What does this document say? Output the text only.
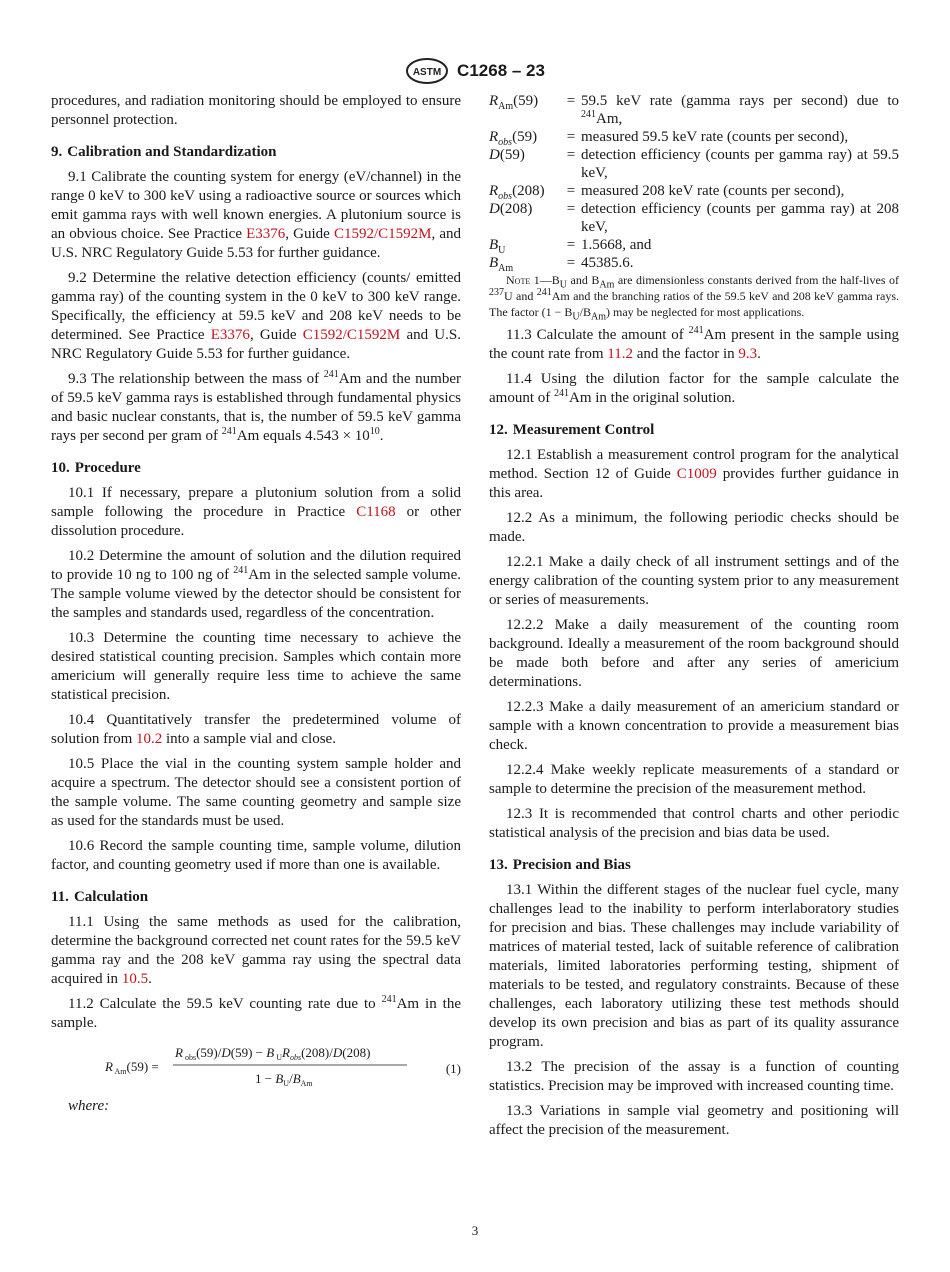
ASTM C1268 – 23

procedures, and radiation monitoring should be employed to ensure personnel protection.

9. Calibration and Standardization

9.1 Calibrate the counting system for energy (eV/channel) in the range 0 keV to 300 keV using a radioactive source or sources which emit gamma rays with well known energies. A plutonium source is an obvious choice. See Practice E3376, Guide C1592/C1592M, and U.S. NRC Regulatory Guide 5.53 for further guidance.

9.2 Determine the relative detection efficiency (counts/ emitted gamma ray) of the counting system in the 0 keV to 300 keV range. Specifically, the efficiency at 59.5 keV and 208 keV needs to be determined. See Practice E3376, Guide C1592/C1592M and U.S. NRC Regulatory Guide 5.53 for further guidance.

9.3 The relationship between the mass of $^{241}$Am and the number of 59.5 keV gamma rays is established through fundamental physics and basic nuclear constants, that is, the number of 59.5 keV gamma rays per second per gram of $^{241}$Am equals $4.543 \times 10^{10}$.

10. Procedure

10.1 If necessary, prepare a plutonium solution from a solid sample following the procedure in Practice C1168 or other dissolution procedure.

10.2 Determine the amount of solution and the dilution required to provide 10 ng to 100 ng of $^{241}$Am in the selected sample volume. The sample volume viewed by the detector should be consistent for the samples and standards used, regardless of the concentration.

10.3 Determine the counting time necessary to achieve the desired statistical counting precision. Samples which contain more americium will generally require less time to achieve the same statistical precision.

10.4 Quantitatively transfer the predetermined volume of solution from 10.2 into a sample vial and close.

10.5 Place the vial in the counting system sample holder and acquire a spectrum. The detector should see a consistent portion of the sample volume. The same counting geometry and sample size as used for the standards must be used.

10.6 Record the sample counting time, sample volume, dilution factor, and counting geometry used if more than one is available.

11. Calculation

11.1 Using the same methods as used for the calibration, determine the background corrected net count rates for the 59.5 keV gamma ray and the 208 keV gamma ray using the spectral data acquired in 10.5.

11.2 Calculate the 59.5 keV counting rate due to $^{241}$Am in the sample.

R $_{Am}$(59) =
R $_{obs}$(59)/D(59) − B $_UR_{obs}(208)/D(208)$
$1 - B_U/B_{Am}$
(1)

where:

$R_{Am}(59)$	=	59.5 keV rate (gamma rays per second) due to $^{241}$Am,
$R_{obs}(59)$	=	measured 59.5 keV rate (counts per second),
D(59)	=	detection efficiency (counts per gamma ray) at 59.5 keV,
$R_{obs}(208)$	=	measured 208 keV rate (counts per second),
D(208)	=	detection efficiency (counts per gamma ray) at 208 keV,
$B_U$	=	1.5668, and
$B_{Am}$	=	45385.6.

Note $1—B_U$ and $B_{Am}$ are dimensionless constants derived from the half-lives of $^{237}$U and $^{241}$Am and the branching ratios of the 59.5 keV and 208 keV gamma rays. The factor $(1 - B_U/B_{Am})$ may be neglected for most applications.

11.3 Calculate the amount of $^{241}$Am present in the sample using the count rate from 11.2 and the factor in 9.3.

11.4 Using the dilution factor for the sample calculate the amount of $^{241}$Am in the original solution.

12. Measurement Control

12.1 Establish a measurement control program for the analytical method. Section 12 of Guide C1009 provides further guidance in this area.

12.2 As a minimum, the following periodic checks should be made.

12.2.1 Make a daily check of all instrument settings and of the energy calibration of the counting system prior to any measurement or series of measurements.

12.2.2 Make a daily measurement of the counting room background. Ideally a measurement of the room background should be made both before and after any series of americium determinations.

12.2.3 Make a daily measurement of an americium standard or sample with a known concentration to provide a measurement bias check.

12.2.4 Make weekly replicate measurements of a standard or sample to determine the precision of the measurement method.

12.3 It is recommended that control charts and other periodic statistical analysis of the precision and bias data be used.

13. Precision and Bias

13.1 Within the different stages of the nuclear fuel cycle, many challenges lead to the inability to perform interlaboratory studies for precision and bias. These challenges may include variability of matrices of material tested, lack of suitable reference of calibration materials, limited laboratories performing testing, shipment of materials to be tested, and regulatory constraints. Because of these challenges, each laboratory utilizing these test methods should develop its own precision and bias as part of its quality assurance program.

13.2 The precision of the assay is a function of counting statistics. Precision may be improved with increased counting time.

13.3 Variations in sample vial geometry and positioning will affect the precision of the measurement.

3
